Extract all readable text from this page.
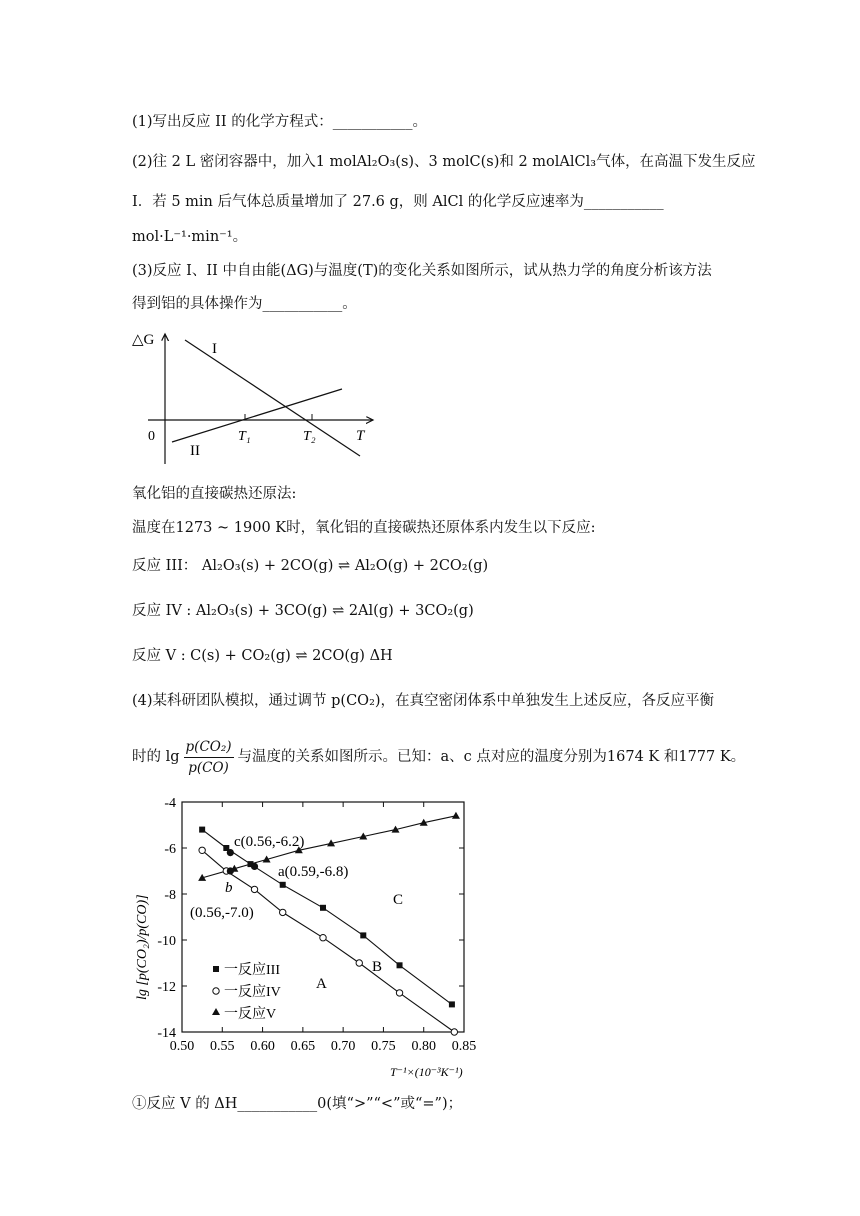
(1)写出反应 II 的化学方程式：___________。
(2)往 2 L 密闭容器中，加入1 molAl₂O₃(s)、3 molC(s)和 2 molAlCl₃气体，在高温下发生反应
I．若 5 min 后气体总质量增加了 27.6 g，则 AlCl 的化学反应速率为___________
mol·L⁻¹·min⁻¹。
(3)反应 I、II 中自由能(ΔG)与温度(T)的变化关系如图所示，试从热力学的角度分析该方法
得到铝的具体操作为___________。
△G
T
0
I
II
T₁	T₂
氧化铝的直接碳热还原法:
温度在1273 ~ 1900 K时，氧化铝的直接碳热还原体系内发生以下反应:
反应 III： Al₂O₃(s) + 2CO(g) ⇌ Al₂O(g) + 2CO₂(g)
反应 IV : Al₂O₃(s) + 3CO(g) ⇌ 2Al(g) + 3CO₂(g)
反应 V : C(s) + CO₂(g) ⇌ 2CO(g) ΔH
(4)某科研团队模拟，通过调节 p(CO₂)，在真空密闭体系中单独发生上述反应，各反应平衡
时的 $\lg \frac{\text{p(CO₂)}}{p(CO)}$ 与温度的关系如图所示。已知：a、c 点对应的温度分别为1674 K 和1777 K。
-4
-6
-8
-10
-12
-14
0.50 0.55 0.60 0.65 0.70 0.75 0.80 0.85
lg [p(CO₂)/p(CO)]
T⁻¹×(10⁻³K⁻¹)
c(0.56,-6.2)
a(0.59,-6.8)
b
(0.56,-7.0)
A
B
C
一反应III
一反应IV
一反应V
①反应 V 的 ΔH___________0(填“>”“<”或“=”)；
